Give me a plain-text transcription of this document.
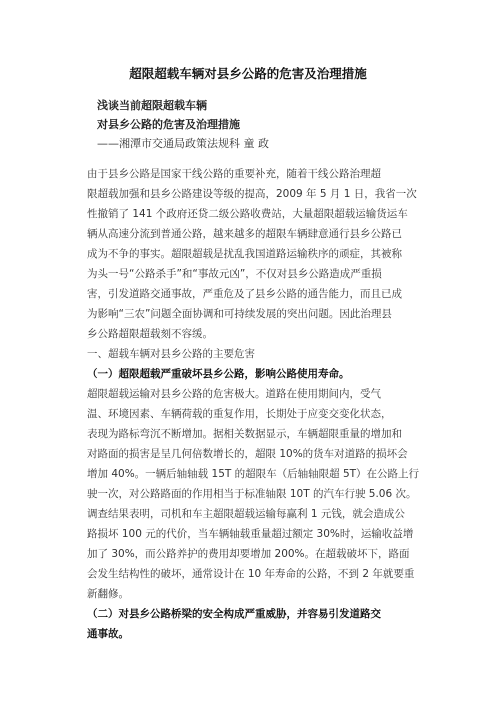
超限超载车辆对县乡公路的危害及治理措施
浅谈当前超限超载车辆
对县乡公路的危害及治理措施
——湘潭市交通局政策法规科 童 政
由于县乡公路是国家干线公路的重要补充，随着干线公路治理超
限超载加强和县乡公路建设等级的提高，2009 年 5 月 1 日，我省一次
性撤销了 141 个政府还贷二级公路收费站，大量超限超载运输货运车
辆从高速分流到普通公路，越来越多的超限车辆肆意通行县乡公路已
成为不争的事实。超限超载是扰乱我国道路运输秩序的顽症，其被称
为头一号“公路杀手”和“事故元凶”，不仅对县乡公路造成严重损
害，引发道路交通事故，严重危及了县乡公路的通告能力，而且已成
为影响“三农”问题全面协调和可持续发展的突出问题。因此治理县
乡公路超限超载刻不容缓。
一、超载车辆对县乡公路的主要危害
（一）超限超载严重破坏县乡公路，影响公路使用寿命。
超限超载运输对县乡公路的危害极大。道路在使用期间内，受气
温、环境因素、车辆荷载的重复作用，长期处于应变交变化状态，
表现为路标弯沉不断增加。据相关数据显示，车辆超限重量的增加和
对路面的损害是呈几何倍数增长的，超限 10%的货车对道路的损坏会
增加 40%。一辆后轴轴载 15T 的超限车（后轴轴限超 5T）在公路上行
驶一次，对公路路面的作用相当于标准轴限 10T 的汽车行驶 5.06 次。
调查结果表明，司机和车主超限超载运输每赢利 1 元钱，就会造成公
路损坏 100 元的代价，当车辆轴载重量超过额定 30%时，运输收益增
加了 30%，而公路养护的费用却要增加 200%。在超载破坏下，路面
会发生结构性的破坏，通常设计在 10 年寿命的公路，不到 2 年就要重
新翻修。
（二）对县乡公路桥梁的安全构成严重威胁，并容易引发道路交
通事故。
